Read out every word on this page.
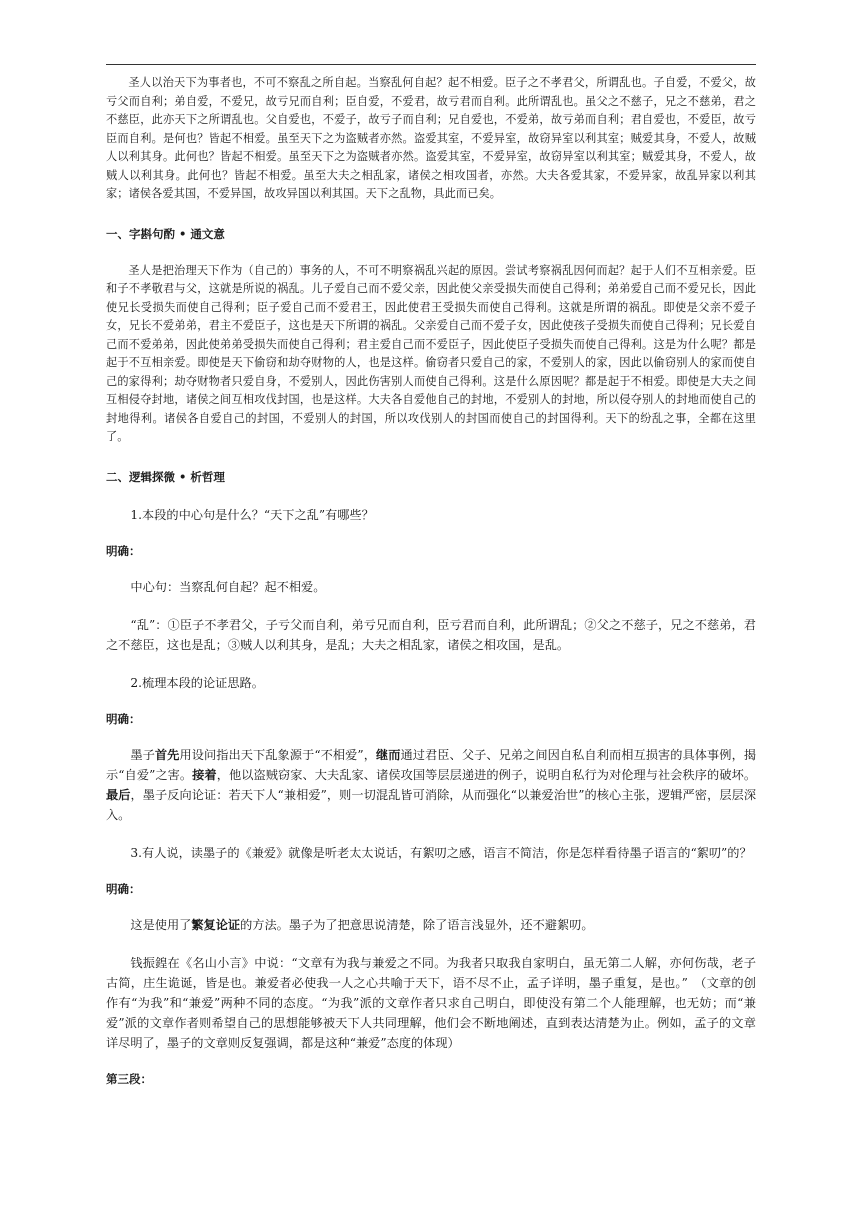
圣人以治天下为事者也，不可不察乱之所自起。当察乱何自起？起不相爱。臣子之不孝君父，所谓乱也。子自爱，不爱父，故亏父而自利；弟自爱，不爱兄，故亏兄而自利；臣自爱，不爱君，故亏君而自利。此所谓乱也。虽父之不慈子，兄之不慈弟，君之不慈臣，此亦天下之所谓乱也。父自爱也，不爱子，故亏子而自利；兄自爱也，不爱弟，故亏弟而自利；君自爱也，不爱臣，故亏臣而自利。是何也？皆起不相爱。虽至天下之为盗贼者亦然。盗爱其室，不爱异室，故窃异室以利其室；贼爱其身，不爱人，故贼人以利其身。此何也？皆起不相爱。虽至天下之为盗贼者亦然。盗爱其室，不爱异室，故窃异室以利其室；贼爱其身，不爱人，故贼人以利其身。此何也？皆起不相爱。虽至大夫之相乱家，诸侯之相攻国者，亦然。大夫各爱其家，不爱异家，故乱异家以利其家；诸侯各爱其国，不爱异国，故攻异国以利其国。天下之乱物，具此而已矣。

一、字斟句酌 • 通文意

圣人是把治理天下作为（自己的）事务的人，不可不明察祸乱兴起的原因。尝试考察祸乱因何而起？起于人们不互相亲爱。臣和子不孝敬君与父，这就是所说的祸乱。儿子爱自己而不爱父亲，因此使父亲受损失而使自己得利；弟弟爱自己而不爱兄长，因此使兄长受损失而使自己得利；臣子爱自己而不爱君王，因此使君王受损失而使自己得利。这就是所谓的祸乱。即使是父亲不爱子女，兄长不爱弟弟，君主不爱臣子，这也是天下所谓的祸乱。父亲爱自己而不爱子女，因此使孩子受损失而使自己得利；兄长爱自己而不爱弟弟，因此使弟弟受损失而使自己得利；君主爱自己而不爱臣子，因此使臣子受损失而使自己得利。这是为什么呢？都是起于不互相亲爱。即使是天下偷窃和劫夺财物的人，也是这样。偷窃者只爱自己的家，不爱别人的家，因此以偷窃别人的家而使自己的家得利；劫夺财物者只爱自身，不爱别人，因此伤害别人而使自己得利。这是什么原因呢？都是起于不相爱。即使是大夫之间互相侵夺封地，诸侯之间互相攻伐封国，也是这样。大夫各自爱他自己的封地，不爱别人的封地，所以侵夺别人的封地而使自己的封地得利。诸侯各自爱自己的封国，不爱别人的封国，所以攻伐别人的封国而使自己的封国得利。天下的纷乱之事，全都在这里了。

二、逻辑探微 • 析哲理

1.本段的中心句是什么？“天下之乱”有哪些？

明确：

中心句：当察乱何自起？起不相爱。

“乱”：①臣子不孝君父，子亏父而自利，弟亏兄而自利，臣亏君而自利，此所谓乱；②父之不慈子，兄之不慈弟，君之不慈臣，这也是乱；③贼人以利其身，是乱；大夫之相乱家，诸侯之相攻国，是乱。

2.梳理本段的论证思路。

明确：

墨子首先用设问指出天下乱象源于“不相爱”，继而通过君臣、父子、兄弟之间因自私自利而相互损害的具体事例，揭示“自爱”之害。接着，他以盗贼窃家、大夫乱家、诸侯攻国等层层递进的例子，说明自私行为对伦理与社会秩序的破坏。最后，墨子反向论证：若天下人“兼相爱”，则一切混乱皆可消除，从而强化“以兼爱治世”的核心主张，逻辑严密，层层深入。

3.有人说，读墨子的《兼爱》就像是听老太太说话，有絮叨之感，语言不简洁，你是怎样看待墨子语言的“絮叨”的？

明确：

这是使用了繁复论证的方法。墨子为了把意思说清楚，除了语言浅显外，还不避絮叨。

钱振鍠在《名山小言》中说：“文章有为我与兼爱之不同。为我者只取我自家明白，虽无第二人解，亦何伤哉，老子古简，庄生诡诞，皆是也。兼爱者必使我一人之心共喻于天下，语不尽不止，孟子详明，墨子重复，是也。”　（文章的创作有“为我”和“兼爱”两种不同的态度。“为我”派的文章作者只求自己明白，即使没有第二个人能理解，也无妨；而“兼爱”派的文章作者则希望自己的思想能够被天下人共同理解，他们会不断地阐述，直到表达清楚为止。例如，孟子的文章详尽明了，墨子的文章则反复强调，都是这种“兼爱”态度的体现）

第三段：
